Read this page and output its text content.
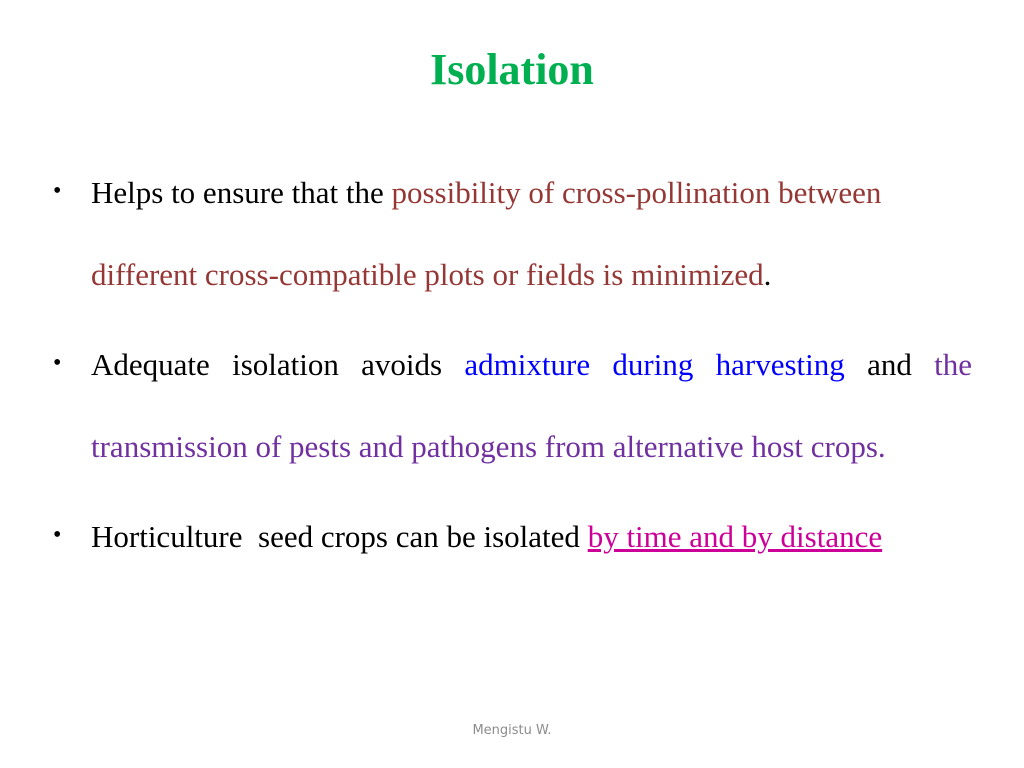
Isolation
• Helps to ensure that the possibility of cross-pollination between different cross-compatible plots or fields is minimized.
• Adequate isolation avoids admixture during harvesting and the transmission of pests and pathogens from alternative host crops.
• Horticulture  seed crops can be isolated by time and by distance
Mengistu W.
